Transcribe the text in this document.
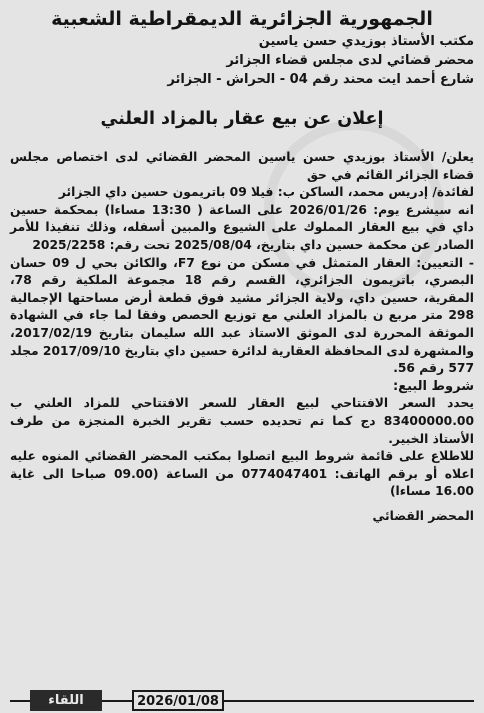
الجمهورية الجزائرية الديمقراطية الشعبية

مكتب الأستاذ بوزيدي حسن ياسين

محضر قضائي لدى مجلس قضاء الجزائر

شارع أحمد ايت محند رقم 04 - الحراش - الجزائر

إعلان عن بيع عقار بالمزاد العلني

يعلن/ الأستاذ بوزيدي حسن ياسين المحضر القضائي لدى اختصاص مجلس قضاء الجزائر القائم في حق

لفائدة/ إدريس محمد، الساكن ب: فيلا 09 باتريمون حسين داي الجزائر

انه سيشرع يوم: 2026/01/26 على الساعة ( 13:30 مساءا) بمحكمة حسين داي في بيع العقار المملوك على الشيوع والمبين أسفله، وذلك تنفيذا للأمر الصادر عن محكمة حسين داي بتاريخ، 2025/08/04 تحت رقم: 2025/2258

- التعيين: العقار المتمثل في مسكن من نوع F7، والكائن بحي ل 09 حسان البصري، باتريمون الجزائري، القسم رقم 18 مجموعة الملكية رقم 78، المقرية، حسين داي، ولاية الجزائر مشيد فوق قطعة أرض مساحتها الإجمالية 298 متر مربع ن بالمزاد العلني مع توزيع الحصص وفقا لما جاء في الشهادة الموثقة المحررة لدى الموثق الاستاذ عبد الله سليمان بتاريخ 2017/02/19، والمشهرة لدى المحافظة العقارية لدائرة حسين داي بتاريخ 2017/09/10 مجلد 577 رقم 56.

شروط البيع:

يحدد السعر الافتتاحي لبيع العقار للسعر الافتتاحي للمزاد العلني ب 83400000.00 دج كما تم تحديده حسب تقرير الخبرة المنجزة من طرف الأستاذ الخبير.

للاطلاع على قائمة شروط البيع اتصلوا بمكتب المحضر القضائي المنوه عليه اعلاه أو برقم الهاتف: 0774047401 من الساعة (09.00 صباحا الى غاية 16.00 مساءا)

المحضر القضائي

اللقاء	2026/01/08
